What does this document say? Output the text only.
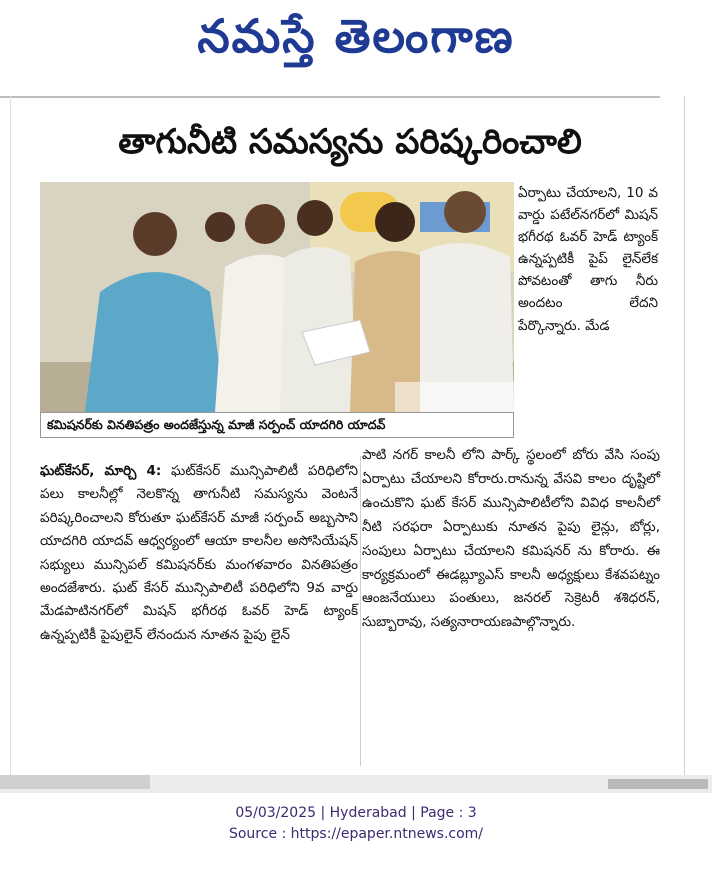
నమస్తే తెలంగాణ
తాగునీటి సమస్యను పరిష్కరించాలి
కమిషనర్‌కు వినతిపత్రం అందజేస్తున్న మాజీ సర్పంచ్ యాదగిరి యాదవ్

ఏర్పాటు చేయాలని, 10 వ వార్డు పటేల్‌నగర్‌లో మిషన్ భగీరథ ఓవర్ హెడ్ ట్యాంక్ ఉన్నప్పటికీ పైప్ లైన్‌లేక పోవటంతో తాగు నీరు అందటం లేదని పేర్కొన్నారు. మేడ

ఘట్‌కేసర్, మార్చి 4: ఘట్‌కేసర్ మున్సిపాలిటీ పరిధిలోని పలు కాలనీల్లో నెలకొన్న తాగునీటి సమస్యను వెంటనే పరిష్కరించాలని కోరుతూ ఘట్‌కేసర్ మాజీ సర్పంచ్ అబ్బసాని యాదగిరి యాదవ్ ఆధ్వర్యంలో ఆయా కాలనీల అసోసియేషన్ సభ్యులు మున్సిపల్ కమిషనర్‌కు మంగళవారం వినతిపత్రం అందజేశారు. ఘట్ కేసర్ మున్సిపాలిటీ పరిధిలోని 9వ వార్డు మేడపాటినగర్‌లో మిషన్ భగీరథ ఓవర్ హెడ్ ట్యాంక్ ఉన్నప్పటికీ పైపులైన్ లేనందున నూతన పైపు లైన్

పాటి నగర్ కాలనీ లోని పార్క్ స్థలంలో బోరు వేసి సంపు ఏర్పాటు చేయాలని కోరారు.రానున్న వేసవి కాలం దృష్టిలో ఉంచుకొని ఘట్ కేసర్ మున్సిపాలిటీలోని వివిధ కాలనీలో నీటి సరఫరా ఏర్పాటుకు నూతన పైపు లైన్లు, బోర్లు, సంపులు ఏర్పాటు చేయాలని కమిషనర్ ను కోరారు. ఈ కార్యక్రమంలో ఈడబ్ల్యూఎస్ కాలనీ అధ్యక్షులు కేశవపట్నం ఆంజనేయులు పంతులు, జనరల్ సెక్రెటరీ శశిధరన్, సుబ్బారావు, సత్యనారాయణపాల్గొన్నారు.

05/03/2025 | Hyderabad | Page : 3
Source : https://epaper.ntnews.com/
